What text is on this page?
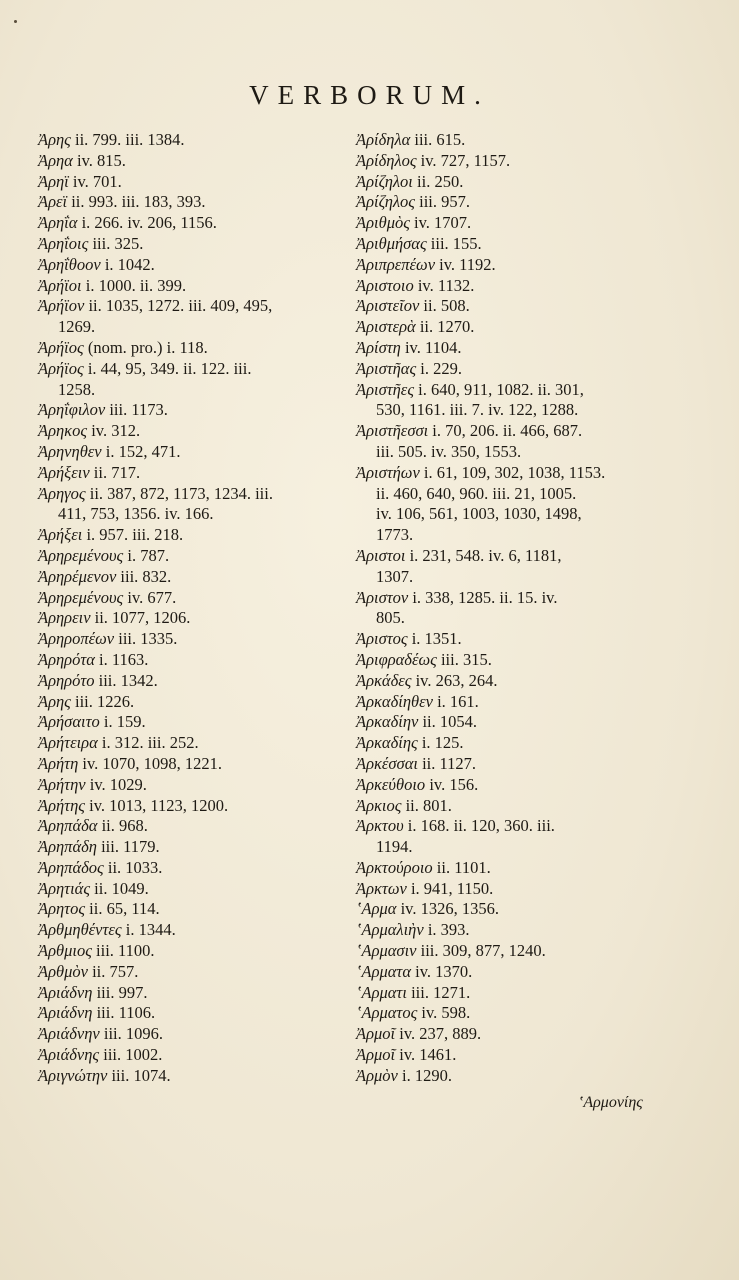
VERBORUM.
Ἀρης ii. 799. iii. 1384.
Ἀρηα iv. 815.
Ἀρηϊ iv. 701.
Ἀρεϊ ii. 993. iii. 183, 393.
Ἀρηΐα i. 266. iv. 206, 1156.
Ἀρηΐοις iii. 325.
Ἀρηΐθοον i. 1042.
Ἀρήϊοι i. 1000. ii. 399.
Ἀρήϊον ii. 1035, 1272. iii. 409, 495,
1269.
Ἀρήϊος (nom. pro.) i. 118.
Ἀρήϊος i. 44, 95, 349. ii. 122. iii.
1258.
Ἀρηΐφιλον iii. 1173.
Ἀρηκος iv. 312.
Ἀρηνηθεν i. 152, 471.
Ἀρήξειν ii. 717.
Ἀρηγος ii. 387, 872, 1173, 1234. iii.
411, 753, 1356. iv. 166.
Ἀρήξει i. 957. iii. 218.
Ἀρηρεμένους i. 787.
Ἀρηρέμενον iii. 832.
Ἀρηρεμένους iv. 677.
Ἀρηρειν ii. 1077, 1206.
Ἀρηροπέων iii. 1335.
Ἀρηρότα i. 1163.
Ἀρηρότο iii. 1342.
Ἀρης iii. 1226.
Ἀρήσαιτο i. 159.
Ἀρήτειρα i. 312. iii. 252.
Ἀρήτη iv. 1070, 1098, 1221.
Ἀρήτην iv. 1029.
Ἀρήτης iv. 1013, 1123, 1200.
Ἀρηπάδα ii. 968.
Ἀρηπάδη iii. 1179.
Ἀρηπάδος ii. 1033.
Ἀρητιάς ii. 1049.
Ἀρητος ii. 65, 114.
Ἀρθμηθέντες i. 1344.
Ἀρθμιος iii. 1100.
Ἀρθμὸν ii. 757.
Ἀριάδνη iii. 997.
Ἀριάδνη iii. 1106.
Ἀριάδνην iii. 1096.
Ἀριάδνης iii. 1002.
Ἀριγνώτην iii. 1074.
Ἀρίδηλα iii. 615.
Ἀρίδηλος iv. 727, 1157.
Ἀρίζηλοι ii. 250.
Ἀρίζηλος iii. 957.
Ἀριθμὸς iv. 1707.
Ἀριθμήσας iii. 155.
Ἀριπρεπέων iv. 1192.
Ἀριστοιο iv. 1132.
Ἀριστεῖον ii. 508.
Ἀριστερὰ ii. 1270.
Ἀρίστη iv. 1104.
Ἀριστῆας i. 229.
Ἀριστῆες i. 640, 911, 1082. ii. 301,
530, 1161. iii. 7. iv. 122, 1288.
Ἀριστῆεσσι i. 70, 206. ii. 466, 687.
iii. 505. iv. 350, 1553.
Ἀριστήων i. 61, 109, 302, 1038, 1153.
ii. 460, 640, 960. iii. 21, 1005.
iv. 106, 561, 1003, 1030, 1498,
1773.
Ἀριστοι i. 231, 548. iv. 6, 1181,
1307.
Ἀριστον i. 338, 1285. ii. 15. iv.
805.
Ἀριστος i. 1351.
Ἀριφραδέως iii. 315.
Ἀρκάδες iv. 263, 264.
Ἀρκαδίηθεν i. 161.
Ἀρκαδίην ii. 1054.
Ἀρκαδίης i. 125.
Ἀρκέσσαι ii. 1127.
Ἀρκεύθοιο iv. 156.
Ἀρκιος ii. 801.
Ἀρκτου i. 168. ii. 120, 360. iii.
1194.
Ἀρκτούροιο ii. 1101.
Ἀρκτων i. 941, 1150.
ʽΑρμα iv. 1326, 1356.
ʽΑρμαλιὴν i. 393.
ʽΑρμασιν iii. 309, 877, 1240.
ʽΑρματα iv. 1370.
ʽΑρματι iii. 1271.
ʽΑρματος iv. 598.
Ἀρμοῖ iv. 237, 889.
Ἀρμοῖ iv. 1461.
Ἀρμὸν i. 1290.
ʽΑρμονίης
